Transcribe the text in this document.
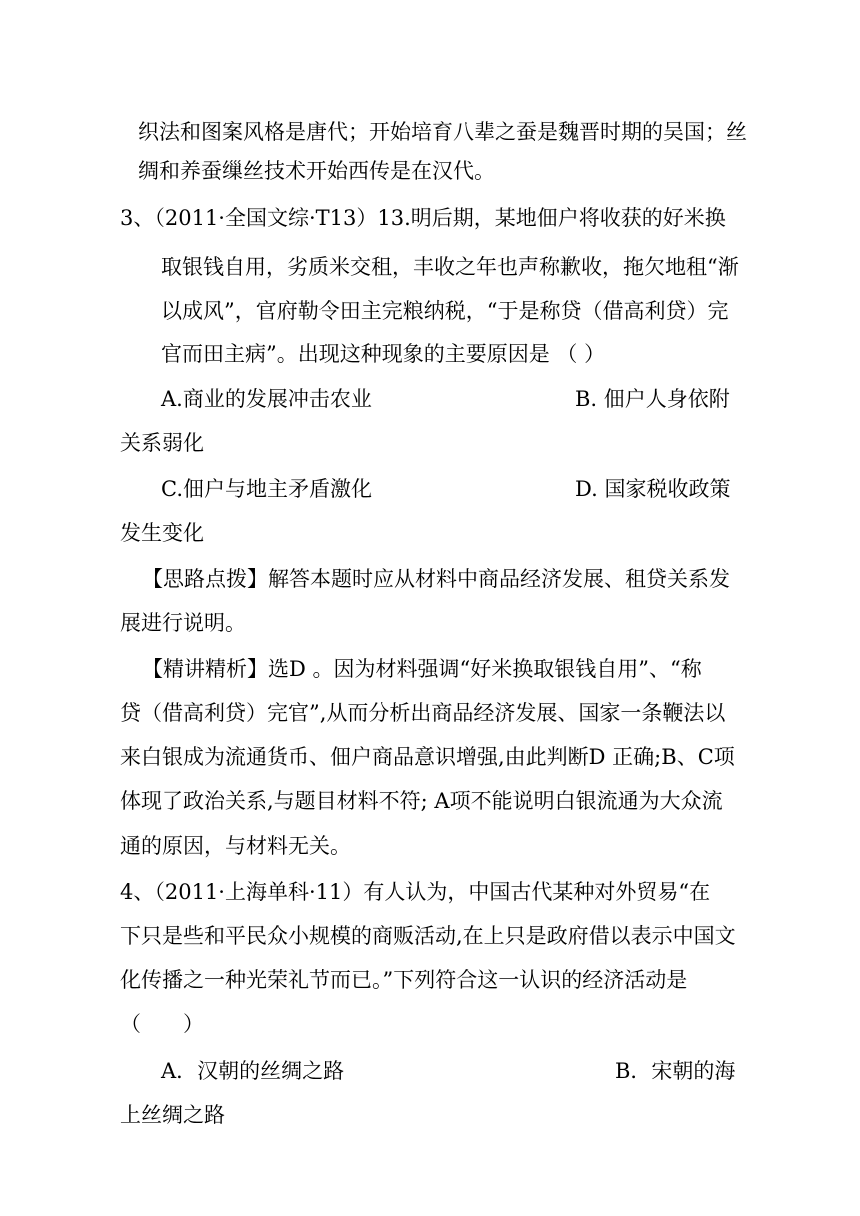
织法和图案风格是唐代；开始培育八辈之蚕是魏晋时期的吴国；丝
绸和养蚕缫丝技术开始西传是在汉代。
3、（2011·全国文综·T13）13.明后期，某地佃户将收获的好米换
取银钱自用，劣质米交租，丰收之年也声称歉收，拖欠地租“渐
以成风”，官府勒令田主完粮纳税，“于是称贷（借高利贷）完
官而田主病”。出现这种现象的主要原因是 （ ）
A.商业的发展冲击农业	B. 佃户人身依附
关系弱化
C.佃户与地主矛盾激化	D. 国家税收政策
发生变化
【思路点拨】解答本题时应从材料中商品经济发展、租贷关系发
展进行说明。
【精讲精析】选D 。因为材料强调“好米换取银钱自用”、“称
贷（借高利贷）完官”,从而分析出商品经济发展、国家一条鞭法以
来白银成为流通货币、佃户商品意识增强,由此判断D 正确;B、C项
体现了政治关系,与题目材料不符; A项不能说明白银流通为大众流
通的原因，与材料无关。
4、（2011·上海单科·11）有人认为，中国古代某种对外贸易“在
下只是些和平民众小规模的商贩活动,在上只是政府借以表示中国文
化传播之一种光荣礼节而已。”下列符合这一认识的经济活动是
（　　）
A．汉朝的丝绸之路	B．宋朝的海
上丝绸之路
